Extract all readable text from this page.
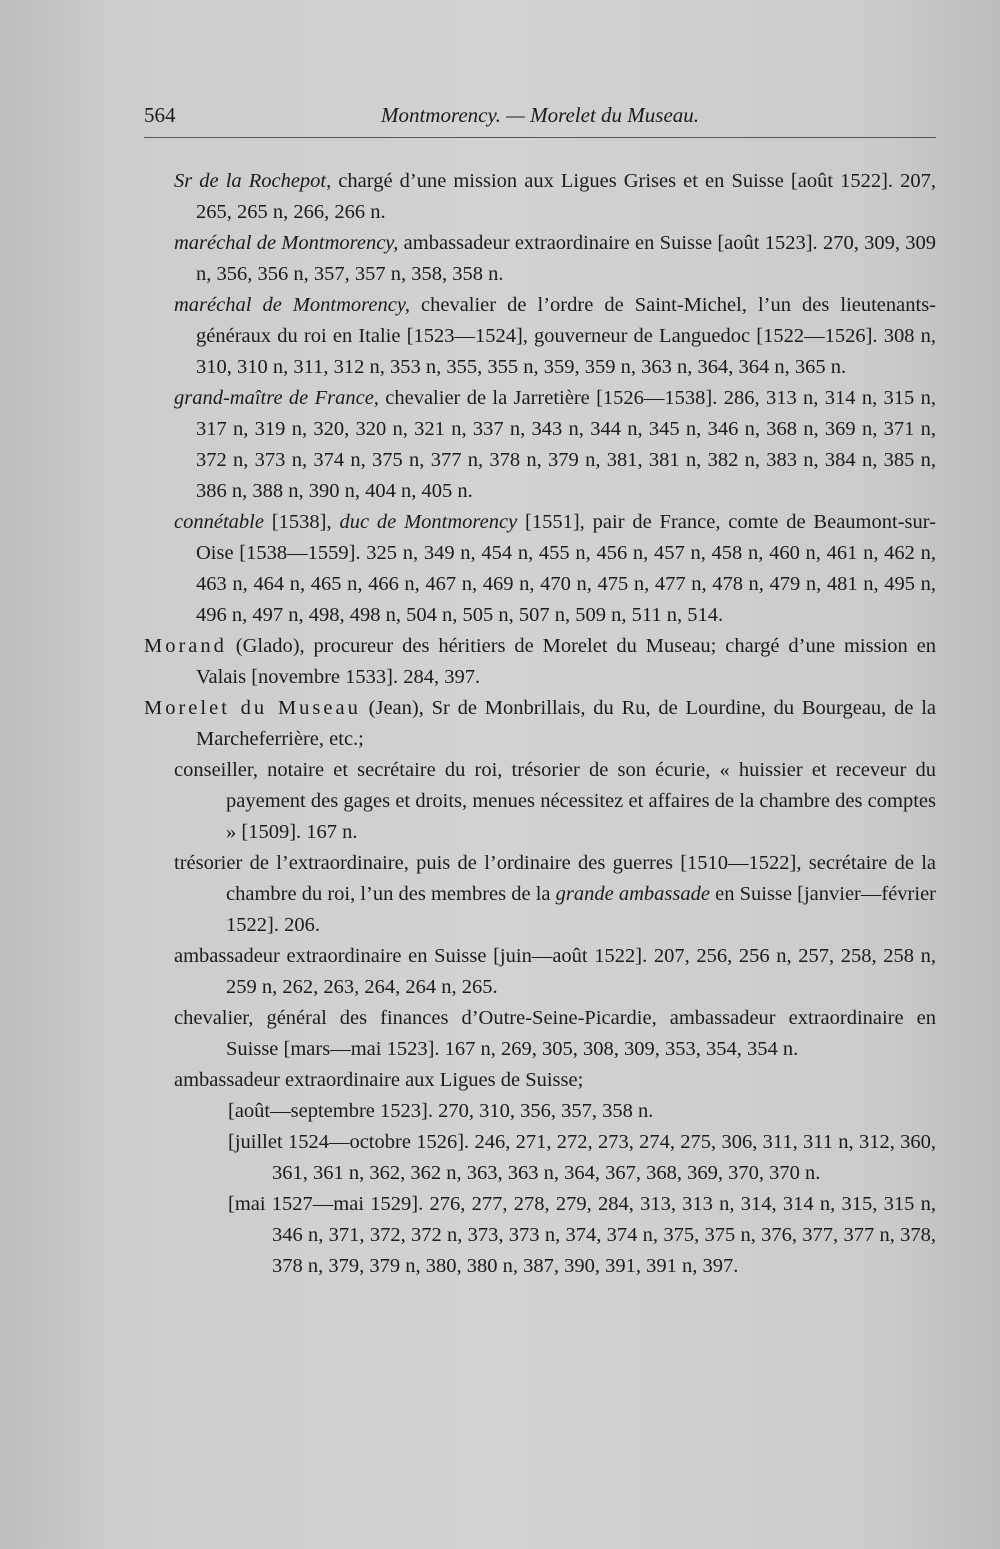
564	Montmorency. — Morelet du Museau.

Sr de la Rochepot, chargé d’une mission aux Ligues Grises et en Suisse [août 1522]. 207, 265, 265 n, 266, 266 n.

maréchal de Montmorency, ambassadeur extraordinaire en Suisse [août 1523]. 270, 309, 309 n, 356, 356 n, 357, 357 n, 358, 358 n.

maréchal de Montmorency, chevalier de l’ordre de Saint-Michel, l’un des lieutenants-généraux du roi en Italie [1523—1524], gouverneur de Languedoc [1522—1526]. 308 n, 310, 310 n, 311, 312 n, 353 n, 355, 355 n, 359, 359 n, 363 n, 364, 364 n, 365 n.

grand-maître de France, chevalier de la Jarretière [1526—1538]. 286, 313 n, 314 n, 315 n, 317 n, 319 n, 320, 320 n, 321 n, 337 n, 343 n, 344 n, 345 n, 346 n, 368 n, 369 n, 371 n, 372 n, 373 n, 374 n, 375 n, 377 n, 378 n, 379 n, 381, 381 n, 382 n, 383 n, 384 n, 385 n, 386 n, 388 n, 390 n, 404 n, 405 n.

connétable [1538], duc de Montmorency [1551], pair de France, comte de Beaumont-sur-Oise [1538—1559]. 325 n, 349 n, 454 n, 455 n, 456 n, 457 n, 458 n, 460 n, 461 n, 462 n, 463 n, 464 n, 465 n, 466 n, 467 n, 469 n, 470 n, 475 n, 477 n, 478 n, 479 n, 481 n, 495 n, 496 n, 497 n, 498, 498 n, 504 n, 505 n, 507 n, 509 n, 511 n, 514.

Morand (Glado), procureur des héritiers de Morelet du Museau; chargé d’une mission en Valais [novembre 1533]. 284, 397.

Morelet du Museau (Jean), Sr de Monbrillais, du Ru, de Lourdine, du Bourgeau, de la Marcheferrière, etc.;

conseiller, notaire et secrétaire du roi, trésorier de son écurie, « huissier et receveur du payement des gages et droits, menues nécessitez et affaires de la chambre des comptes » [1509]. 167 n.

trésorier de l’extraordinaire, puis de l’ordinaire des guerres [1510—1522], secrétaire de la chambre du roi, l’un des membres de la grande ambassade en Suisse [janvier—février 1522]. 206.

ambassadeur extraordinaire en Suisse [juin—août 1522]. 207, 256, 256 n, 257, 258, 258 n, 259 n, 262, 263, 264, 264 n, 265.

chevalier, général des finances d’Outre-Seine-Picardie, ambassadeur extraordinaire en Suisse [mars—mai 1523]. 167 n, 269, 305, 308, 309, 353, 354, 354 n.

ambassadeur extraordinaire aux Ligues de Suisse;

[août—septembre 1523]. 270, 310, 356, 357, 358 n.

[juillet 1524—octobre 1526]. 246, 271, 272, 273, 274, 275, 306, 311, 311 n, 312, 360, 361, 361 n, 362, 362 n, 363, 363 n, 364, 367, 368, 369, 370, 370 n.

[mai 1527—mai 1529]. 276, 277, 278, 279, 284, 313, 313 n, 314, 314 n, 315, 315 n, 346 n, 371, 372, 372 n, 373, 373 n, 374, 374 n, 375, 375 n, 376, 377, 377 n, 378, 378 n, 379, 379 n, 380, 380 n, 387, 390, 391, 391 n, 397.
